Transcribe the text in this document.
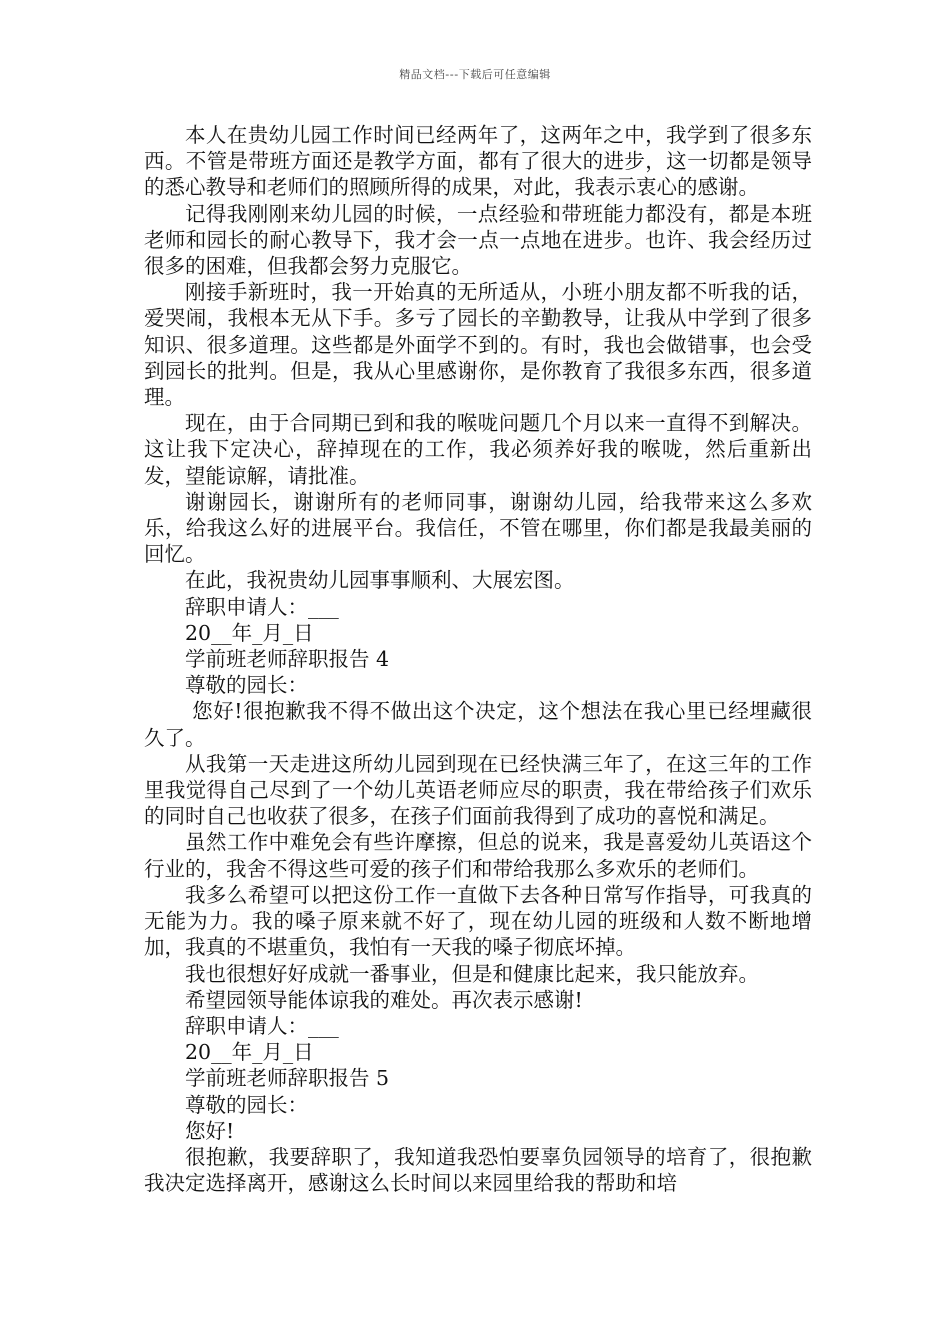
精品文档---下载后可任意编辑

本人在贵幼儿园工作时间已经两年了，这两年之中，我学到了很多东西。不管是带班方面还是教学方面，都有了很大的进步，这一切都是领导的悉心教导和老师们的照顾所得的成果，对此，我表示衷心的感谢。

记得我刚刚来幼儿园的时候，一点经验和带班能力都没有，都是本班老师和园长的耐心教导下，我才会一点一点地在进步。也许、我会经历过很多的困难，但我都会努力克服它。

刚接手新班时，我一开始真的无所适从，小班小朋友都不听我的话，爱哭闹，我根本无从下手。多亏了园长的辛勤教导，让我从中学到了很多知识、很多道理。这些都是外面学不到的。有时，我也会做错事，也会受到园长的批判。但是，我从心里感谢你，是你教育了我很多东西，很多道理。

现在，由于合同期已到和我的喉咙问题几个月以来一直得不到解决。这让我下定决心，辞掉现在的工作，我必须养好我的喉咙，然后重新出发，望能谅解，请批准。

谢谢园长，谢谢所有的老师同事，谢谢幼儿园，给我带来这么多欢乐，给我这么好的进展平台。我信任，不管在哪里，你们都是我最美丽的回忆。

在此，我祝贵幼儿园事事顺利、大展宏图。

辞职申请人：___

20__年_月_日

学前班老师辞职报告 4

尊敬的园长：

您好!很抱歉我不得不做出这个决定，这个想法在我心里已经埋藏很久了。

从我第一天走进这所幼儿园到现在已经快满三年了，在这三年的工作里我觉得自己尽到了一个幼儿英语老师应尽的职责，我在带给孩子们欢乐的同时自己也收获了很多，在孩子们面前我得到了成功的喜悦和满足。

虽然工作中难免会有些许摩擦，但总的说来，我是喜爱幼儿英语这个行业的，我舍不得这些可爱的孩子们和带给我那么多欢乐的老师们。

我多么希望可以把这份工作一直做下去各种日常写作指导，可我真的无能为力。我的嗓子原来就不好了，现在幼儿园的班级和人数不断地增加，我真的不堪重负，我怕有一天我的嗓子彻底坏掉。

我也很想好好成就一番事业，但是和健康比起来，我只能放弃。

希望园领导能体谅我的难处。再次表示感谢!

辞职申请人：___

20__年_月_日

学前班老师辞职报告 5

尊敬的园长：

您好!

很抱歉，我要辞职了，我知道我恐怕要辜负园领导的培育了，很抱歉我决定选择离开，感谢这么长时间以来园里给我的帮助和培
